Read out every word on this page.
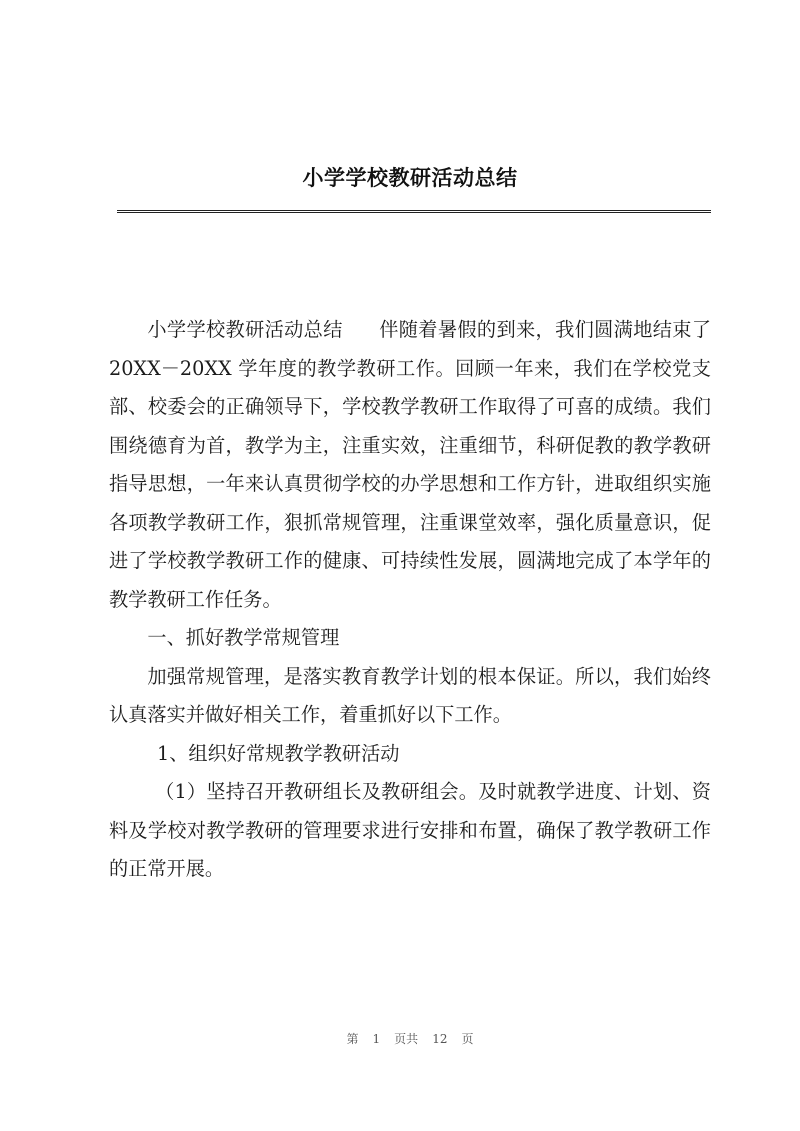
小学学校教研活动总结

小学学校教研活动总结 伴随着暑假的到来，我们圆满地结束了 20XX－20XX 学年度的教学教研工作。回顾一年来，我们在学校党支部、校委会的正确领导下，学校教学教研工作取得了可喜的成绩。我们围绕德育为首，教学为主，注重实效，注重细节，科研促教的教学教研指导思想，一年来认真贯彻学校的办学思想和工作方针，进取组织实施各项教学教研工作，狠抓常规管理，注重课堂效率，强化质量意识，促进了学校教学教研工作的健康、可持续性发展，圆满地完成了本学年的教学教研工作任务。

一、抓好教学常规管理

加强常规管理，是落实教育教学计划的根本保证。所以，我们始终认真落实并做好相关工作，着重抓好以下工作。

1、组织好常规教学教研活动

（1）坚持召开教研组长及教研组会。及时就教学进度、计划、资料及学校对教学教研的管理要求进行安排和布置，确保了教学教研工作的正常开展。

第 1 页共 12 页
